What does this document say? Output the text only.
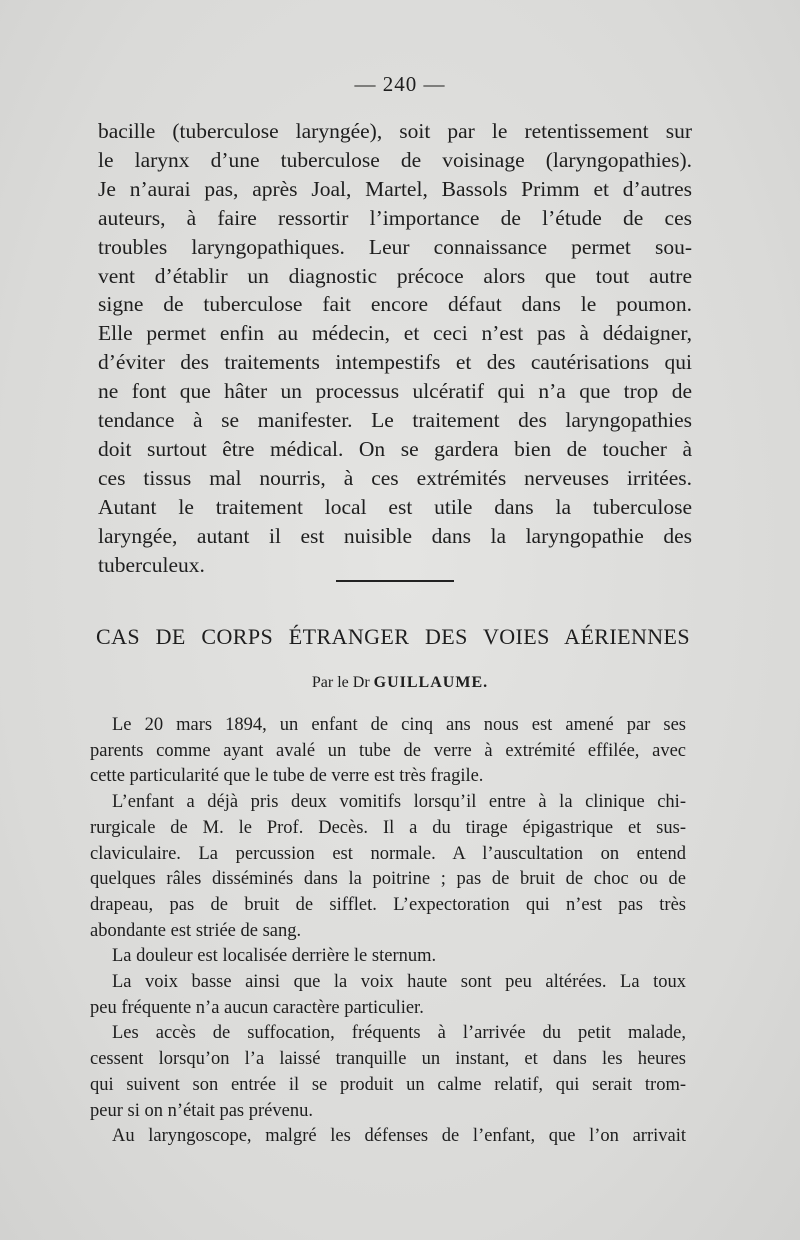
— 240 —
bacille (tuberculose laryngée), soit par le retentissement sur
le larynx d’une tuberculose de voisinage (laryngopathies).
Je n’aurai pas, après Joal, Martel, Bassols Primm et d’autres
auteurs, à faire ressortir l’importance de l’étude de ces
troubles laryngopathiques. Leur connaissance permet sou-
vent d’établir un diagnostic précoce alors que tout autre
signe de tuberculose fait encore défaut dans le poumon.
Elle permet enfin au médecin, et ceci n’est pas à dédaigner,
d’éviter des traitements intempestifs et des cautérisations qui
ne font que hâter un processus ulcératif qui n’a que trop de
tendance à se manifester. Le traitement des laryngopathies
doit surtout être médical. On se gardera bien de toucher à
ces tissus mal nourris, à ces extrémités nerveuses irritées.
Autant le traitement local est utile dans la tuberculose
laryngée, autant il est nuisible dans la laryngopathie des
tuberculeux.
CAS DE CORPS ÉTRANGER DES VOIES AÉRIENNES
Par le Dr GUILLAUME.
Le 20 mars 1894, un enfant de cinq ans nous est amené par ses
parents comme ayant avalé un tube de verre à extrémité effilée, avec
cette particularité que le tube de verre est très fragile.
L’enfant a déjà pris deux vomitifs lorsqu’il entre à la clinique chi-
rurgicale de M. le Prof. Decès. Il a du tirage épigastrique et sus-
claviculaire. La percussion est normale. A l’auscultation on entend
quelques râles disséminés dans la poitrine ; pas de bruit de choc ou de
drapeau, pas de bruit de sifflet. L’expectoration qui n’est pas très
abondante est striée de sang.
La douleur est localisée derrière le sternum.
La voix basse ainsi que la voix haute sont peu altérées. La toux
peu fréquente n’a aucun caractère particulier.
Les accès de suffocation, fréquents à l’arrivée du petit malade,
cessent lorsqu’on l’a laissé tranquille un instant, et dans les heures
qui suivent son entrée il se produit un calme relatif, qui serait trom-
peur si on n’était pas prévenu.
Au laryngoscope, malgré les défenses de l’enfant, que l’on arrivait
